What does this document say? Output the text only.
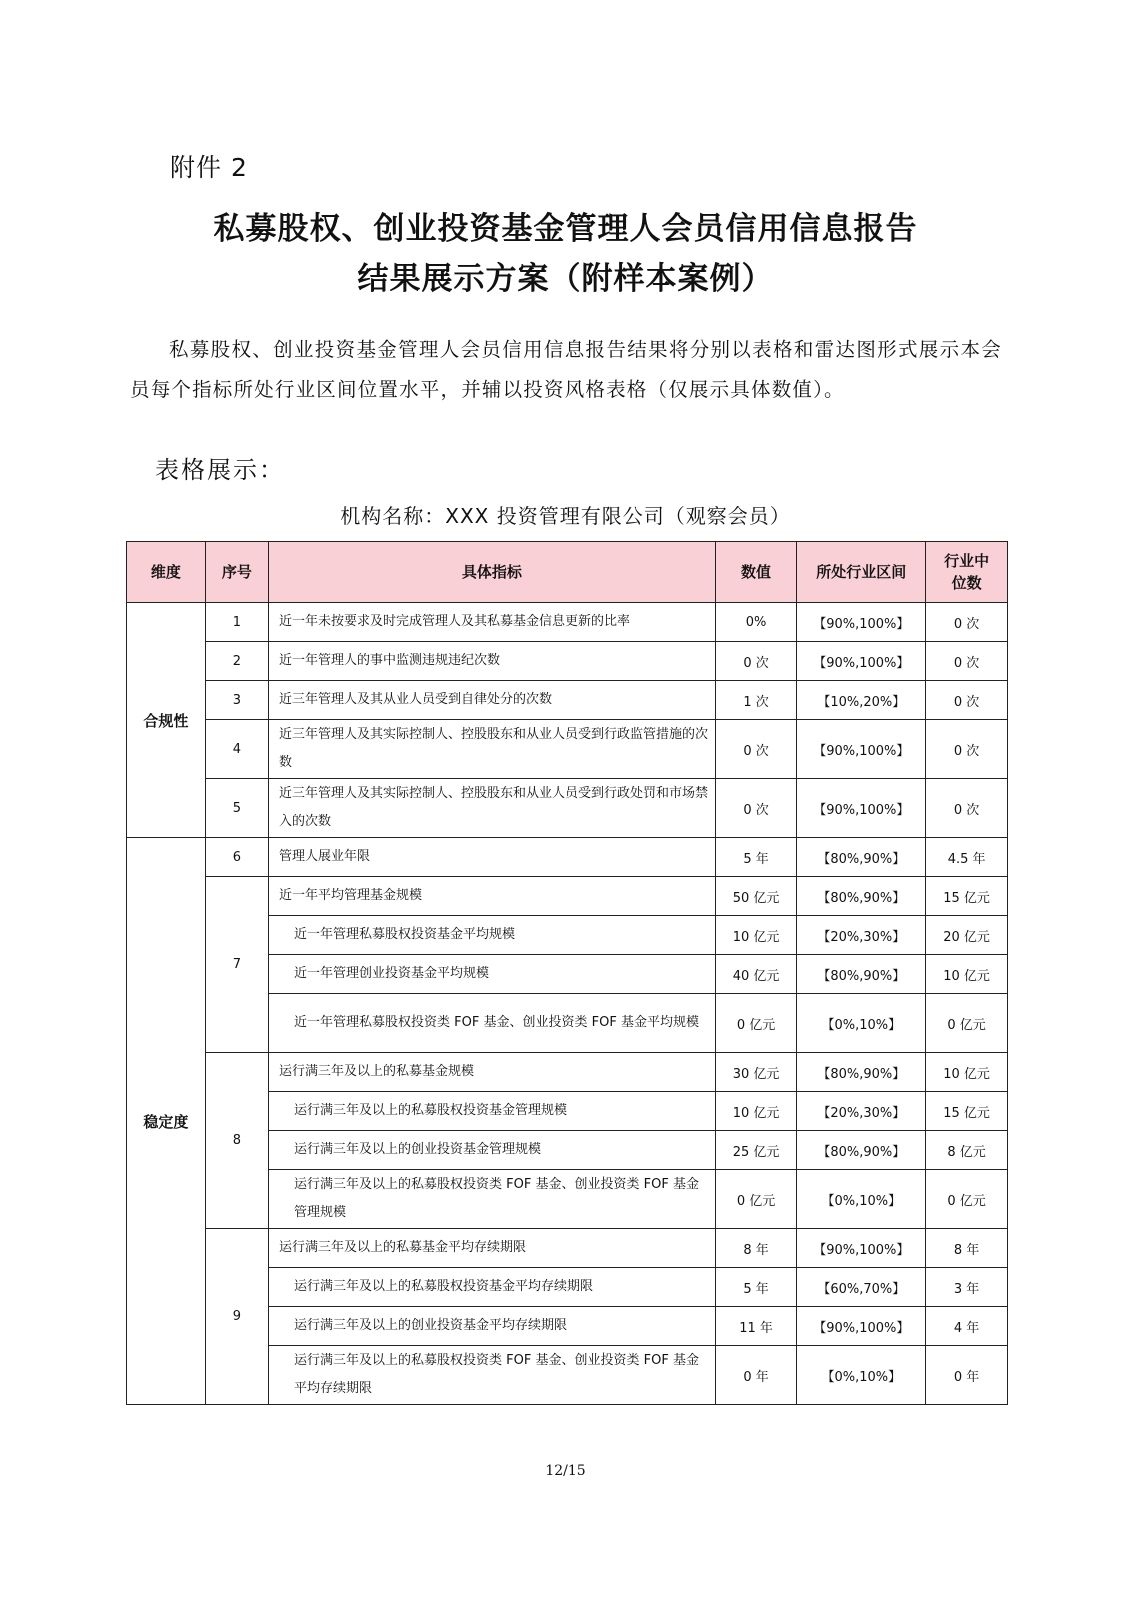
附件 2
私募股权、创业投资基金管理人会员信用信息报告
结果展示方案（附样本案例）
私募股权、创业投资基金管理人会员信用信息报告结果将分别以表格和雷达图形式展示本会员每个指标所处行业区间位置水平，并辅以投资风格表格（仅展示具体数值）。
表格展示：
机构名称：XXX 投资管理有限公司（观察会员）
维度	序号	具体指标	数值	所处行业区间	行业中位数
合规性	1	近一年未按要求及时完成管理人及其私募基金信息更新的比率	0%	【90%,100%】	0 次
	2	近一年管理人的事中监测违规违纪次数	0 次	【90%,100%】	0 次
	3	近三年管理人及其从业人员受到自律处分的次数	1 次	【10%,20%】	0 次
	4	近三年管理人及其实际控制人、控股股东和从业人员受到行政监管措施的次数	0 次	【90%,100%】	0 次
	5	近三年管理人及其实际控制人、控股股东和从业人员受到行政处罚和市场禁入的次数	0 次	【90%,100%】	0 次
稳定度	6	管理人展业年限	5 年	【80%,90%】	4.5 年
	7	近一年平均管理基金规模	50 亿元	【80%,90%】	15 亿元
		近一年管理私募股权投资基金平均规模	10 亿元	【20%,30%】	20 亿元
		近一年管理创业投资基金平均规模	40 亿元	【80%,90%】	10 亿元
		近一年管理私募股权投资类 FOF 基金、创业投资类 FOF 基金平均规模	0 亿元	【0%,10%】	0 亿元
	8	运行满三年及以上的私募基金规模	30 亿元	【80%,90%】	10 亿元
		运行满三年及以上的私募股权投资基金管理规模	10 亿元	【20%,30%】	15 亿元
		运行满三年及以上的创业投资基金管理规模	25 亿元	【80%,90%】	8 亿元
		运行满三年及以上的私募股权投资类 FOF 基金、创业投资类 FOF 基金管理规模	0 亿元	【0%,10%】	0 亿元
	9	运行满三年及以上的私募基金平均存续期限	8 年	【90%,100%】	8 年
		运行满三年及以上的私募股权投资基金平均存续期限	5 年	【60%,70%】	3 年
		运行满三年及以上的创业投资基金平均存续期限	11 年	【90%,100%】	4 年
		运行满三年及以上的私募股权投资类 FOF 基金、创业投资类 FOF 基金平均存续期限	0 年	【0%,10%】	0 年
12/15
